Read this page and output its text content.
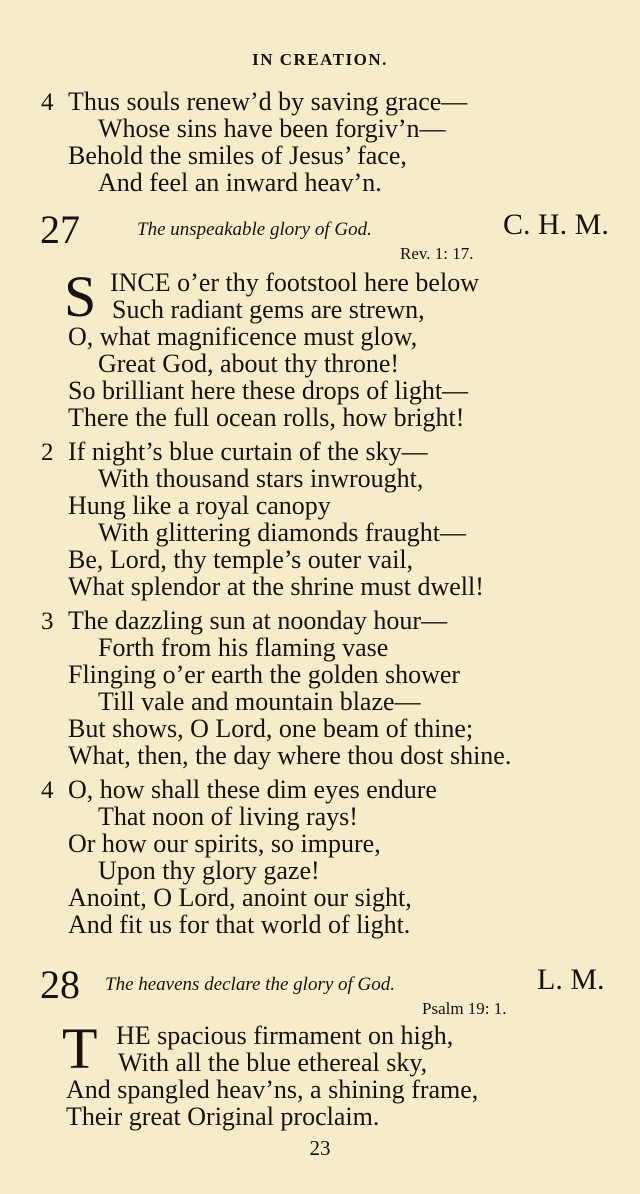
IN CREATION.
4 Thus souls renew’d by saving grace—
Whose sins have been forgiv’n—
Behold the smiles of Jesus’ face,
And feel an inward heav’n.
27	The unspeakable glory of God.	C. H. M.
Rev. 1: 17.
S INCE o’er thy footstool here below
Such radiant gems are strewn,
O, what magnificence must glow,
Great God, about thy throne!
So brilliant here these drops of light—
There the full ocean rolls, how bright!
2 If night’s blue curtain of the sky—
With thousand stars inwrought,
Hung like a royal canopy
With glittering diamonds fraught—
Be, Lord, thy temple’s outer vail,
What splendor at the shrine must dwell!
3 The dazzling sun at noonday hour—
Forth from his flaming vase
Flinging o’er earth the golden shower
Till vale and mountain blaze—
But shows, O Lord, one beam of thine;
What, then, the day where thou dost shine.
4 O, how shall these dim eyes endure
That noon of living rays!
Or how our spirits, so impure,
Upon thy glory gaze!
Anoint, O Lord, anoint our sight,
And fit us for that world of light.
28 The heavens declare the glory of God.	L. M.
Psalm 19: 1.
T HE spacious firmament on high,
With all the blue ethereal sky,
And spangled heav’ns, a shining frame,
Their great Original proclaim.
23
